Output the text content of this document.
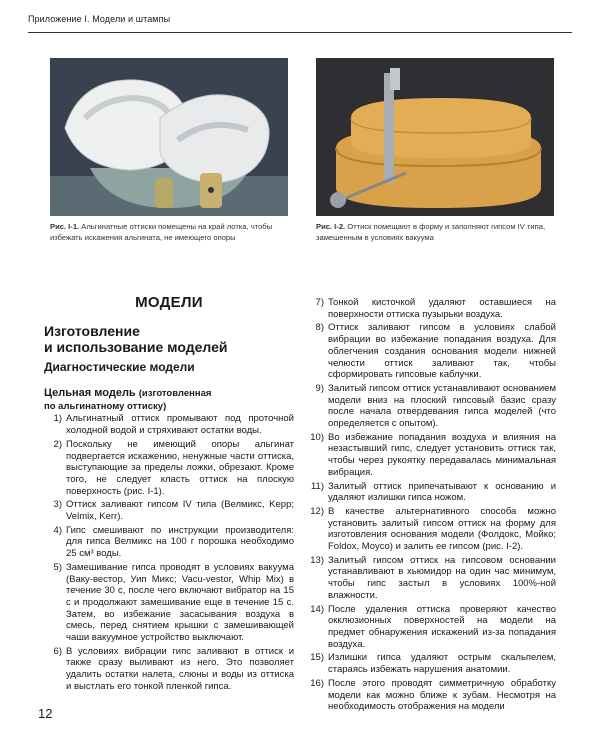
Приложение I. Модели и штампы
Рис. I-1. Альгинатные оттиски помещены на край лотка, чтобы избежать искажения альгината, не имеющего опоры
Рис. I-2. Оттиск помещают в форму и заполняют гипсом IV типа, замешенным в условиях вакуума
МОДЕЛИ
Изготовление
и использование моделей
Диагностические модели
Цельная модель (изготовленная
по альгинатному оттиску)
1) Альгинатный оттиск промывают под проточной холодной водой и стряхивают остатки воды.
2) Поскольку не имеющий опоры альгинат подвергается искажению, ненужные части оттиска, выступающие за пределы ложки, обрезают. Кроме того, не следует класть оттиск на плоскую поверхность (рис. I-1).
3) Оттиск заливают гипсом IV типа (Велмикс, Kepp; Velmix, Kerr).
4) Гипс смешивают по инструкции производителя: для гипса Велмикс на 100 г порошка необходимо 25 см³ воды.
5) Замешивание гипса проводят в условиях вакуума (Ваку-вестор, Уип Микс; Vacu-vestor, Whip Mix) в течение 30 с, после чего включают вибратор на 15 с и продолжают замешивание еще в течение 15 с. Затем, во избежание засасывания воздуха в смесь, перед снятием крышки с замешивающей чаши вакуумное устройство выключают.
6) В условиях вибрации гипс заливают в оттиск и также сразу выливают из него. Это позволяет удалить остатки налета, слюны и воды из оттиска и выстлать его тонкой пленкой гипса.
7) Тонкой кисточкой удаляют оставшиеся на поверхности оттиска пузырьки воздуха.
8) Оттиск заливают гипсом в условиях слабой вибрации во избежание попадания воздуха. Для облегчения создания основания модели нижней челюсти оттиск заливают так, чтобы сформировать гипсовые каблучки.
9) Залитый гипсом оттиск устанавливают основанием модели вниз на плоский гипсовый базис сразу после начала отвердевания гипса моделей (что определяется с опытом).
10) Во избежание попадания воздуха и влияния на незастывший гипс, следует установить оттиск так, чтобы через рукоятку передавалась минимальная вибрация.
11) Залитый оттиск припечатывают к основанию и удаляют излишки гипса ножом.
12) В качестве альтернативного способа можно установить залитый гипсом оттиск на форму для изготовления основания модели (Фолдокс, Мойко; Foldox, Moyco) и залить ее гипсом (рис. I-2).
13) Залитый гипсом оттиск на гипсовом основании устанавливают в хьюмидор на один час минимум, чтобы гипс застыл в условиях 100%-ной влажности.
14) После удаления оттиска проверяют качество окклюзионных поверхностей на модели на предмет обнаружения искажений из-за попадания воздуха.
15) Излишки гипса удаляют острым скальпелем, стараясь избежать нарушения анатомии.
16) После этого проводят симметричную обработку модели как можно ближе к зубам. Несмотря на необходимость отображения на модели
12
